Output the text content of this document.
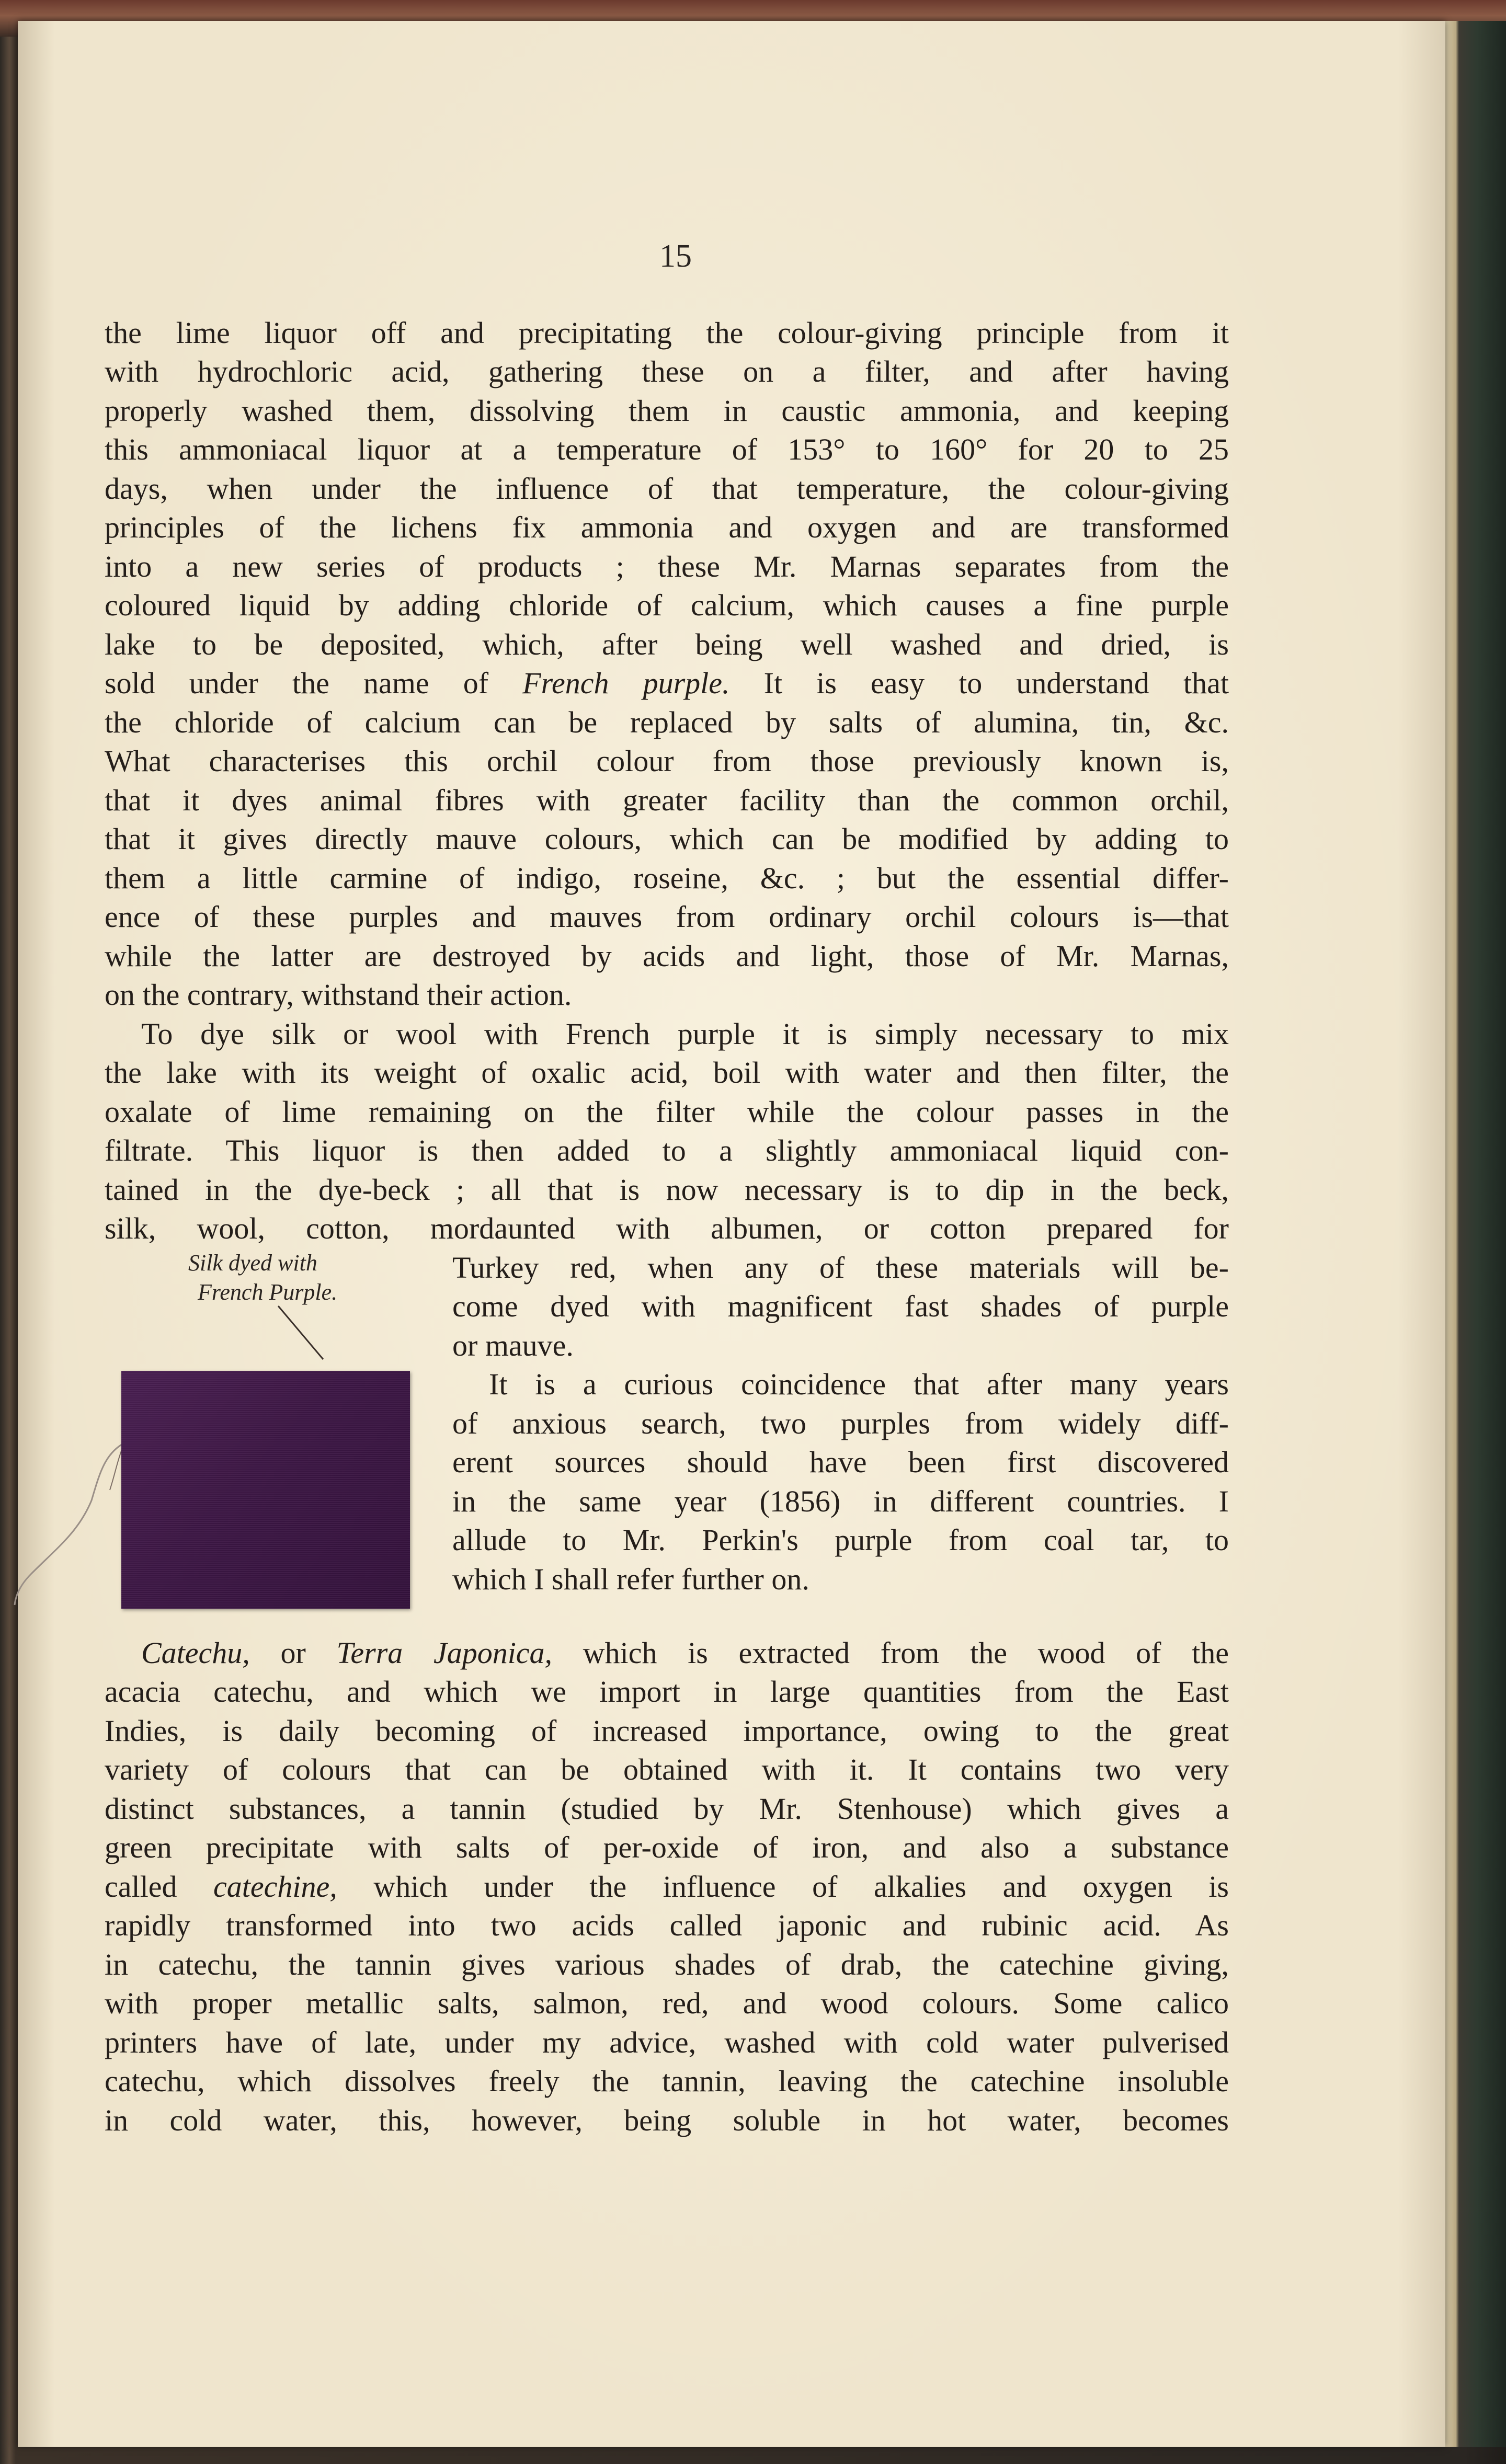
15
the lime liquor off and precipitating the colour-giving principle from it
with hydrochloric acid, gathering these on a filter, and after having
properly washed them, dissolving them in caustic ammonia, and keeping
this ammoniacal liquor at a temperature of 153° to 160° for 20 to 25
days, when under the influence of that temperature, the colour-giving
principles of the lichens fix ammonia and oxygen and are transformed
into a new series of products ; these Mr. Marnas separates from the
coloured liquid by adding chloride of calcium, which causes a fine purple
lake to be deposited, which, after being well washed and dried, is
sold under the name of French purple. It is easy to understand that
the chloride of calcium can be replaced by salts of alumina, tin, &c.
What characterises this orchil colour from those previously known is,
that it dyes animal fibres with greater facility than the common orchil,
that it gives directly mauve colours, which can be modified by adding to
them a little carmine of indigo, roseine, &c. ; but the essential differ-
ence of these purples and mauves from ordinary orchil colours is—that
while the latter are destroyed by acids and light, those of Mr. Marnas,
on the contrary, withstand their action.
To dye silk or wool with French purple it is simply necessary to mix
the lake with its weight of oxalic acid, boil with water and then filter, the
oxalate of lime remaining on the filter while the colour passes in the
filtrate. This liquor is then added to a slightly ammoniacal liquid con-
tained in the dye-beck ; all that is now necessary is to dip in the beck,
silk, wool, cotton, mordaunted with albumen, or cotton prepared for
Turkey red, when any of these materials will be-
come dyed with magnificent fast shades of purple
or mauve.
It is a curious coincidence that after many years
of anxious search, two purples from widely diff-
erent sources should have been first discovered
in the same year (1856) in different countries. I
allude to Mr. Perkin's purple from coal tar, to
which I shall refer further on.
Catechu, or Terra Japonica, which is extracted from the wood of the
acacia catechu, and which we import in large quantities from the East
Indies, is daily becoming of increased importance, owing to the great
variety of colours that can be obtained with it. It contains two very
distinct substances, a tannin (studied by Mr. Stenhouse) which gives a
green precipitate with salts of per-oxide of iron, and also a substance
called catechine, which under the influence of alkalies and oxygen is
rapidly transformed into two acids called japonic and rubinic acid. As
in catechu, the tannin gives various shades of drab, the catechine giving,
with proper metallic salts, salmon, red, and wood colours. Some calico
printers have of late, under my advice, washed with cold water pulverised
catechu, which dissolves freely the tannin, leaving the catechine insoluble
in cold water, this, however, being soluble in hot water, becomes
Silk dyed with
French Purple.
